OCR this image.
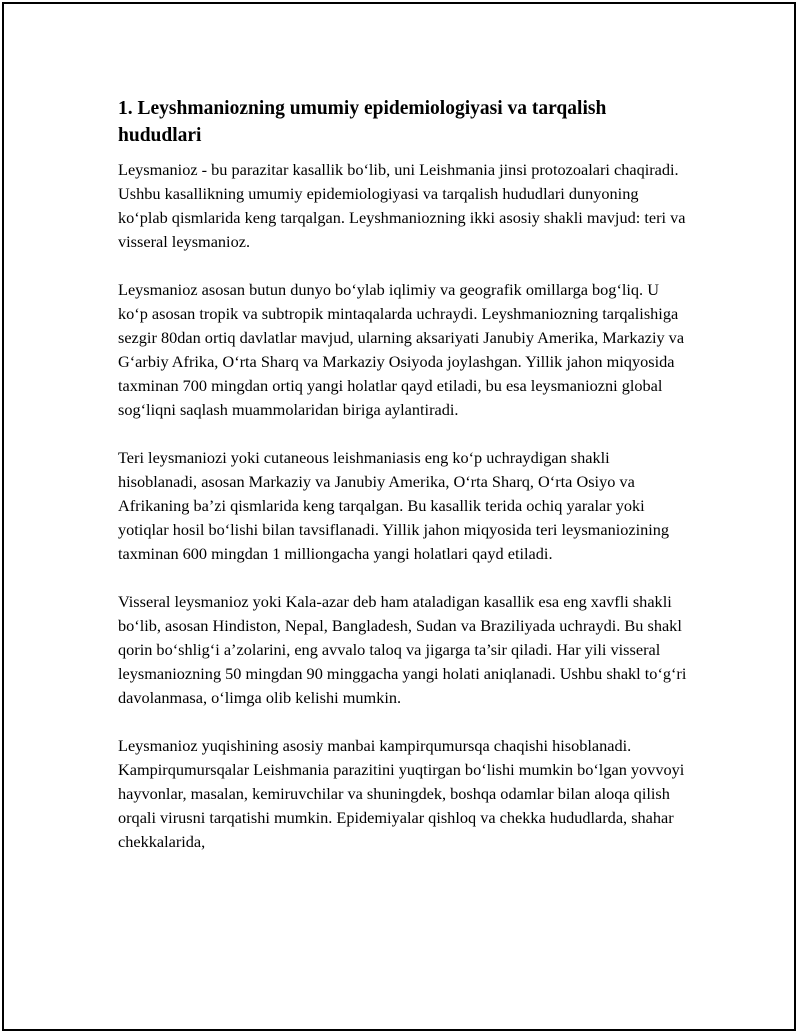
1. Leyshmaniozning umumiy epidemiologiyasi va tarqalish hududlari

Leysmanioz - bu parazitar kasallik bo‘lib, uni Leishmania jinsi protozoalari chaqiradi. Ushbu kasallikning umumiy epidemiologiyasi va tarqalish hududlari dunyoning ko‘plab qismlarida keng tarqalgan. Leyshmaniozning ikki asosiy shakli mavjud: teri va visseral leysmanioz.

Leysmanioz asosan butun dunyo bo‘ylab iqlimiy va geografik omillarga bog‘liq. U ko‘p asosan tropik va subtropik mintaqalarda uchraydi. Leyshmaniozning tarqalishiga sezgir 80dan ortiq davlatlar mavjud, ularning aksariyati Janubiy Amerika, Markaziy va G‘arbiy Afrika, O‘rta Sharq va Markaziy Osiyoda joylashgan. Yillik jahon miqyosida taxminan 700 mingdan ortiq yangi holatlar qayd etiladi, bu esa leysmaniozni global sog‘liqni saqlash muammolaridan biriga aylantiradi.

Teri leysmaniozi yoki cutaneous leishmaniasis eng ko‘p uchraydigan shakli hisoblanadi, asosan Markaziy va Janubiy Amerika, O‘rta Sharq, O‘rta Osiyo va Afrikaning ba’zi qismlarida keng tarqalgan. Bu kasallik terida ochiq yaralar yoki yotiqlar hosil bo‘lishi bilan tavsiflanadi. Yillik jahon miqyosida teri leysmaniozining taxminan 600 mingdan 1 milliongacha yangi holatlari qayd etiladi.

Visseral leysmanioz yoki Kala-azar deb ham ataladigan kasallik esa eng xavfli shakli bo‘lib, asosan Hindiston, Nepal, Bangladesh, Sudan va Braziliyada uchraydi. Bu shakl qorin bo‘shlig‘i a’zolarini, eng avvalo taloq va jigarga ta’sir qiladi. Har yili visseral leysmaniozning 50 mingdan 90 minggacha yangi holati aniqlanadi. Ushbu shakl to‘g‘ri davolanmasa, o‘limga olib kelishi mumkin.

Leysmanioz yuqishining asosiy manbai kampirqumursqa chaqishi hisoblanadi. Kampirqumursqalar Leishmania parazitini yuqtirgan bo‘lishi mumkin bo‘lgan yovvoyi hayvonlar, masalan, kemiruvchilar va shuningdek, boshqa odamlar bilan aloqa qilish orqali virusni tarqatishi mumkin. Epidemiyalar qishloq va chekka hududlarda, shahar chekkalarida,
